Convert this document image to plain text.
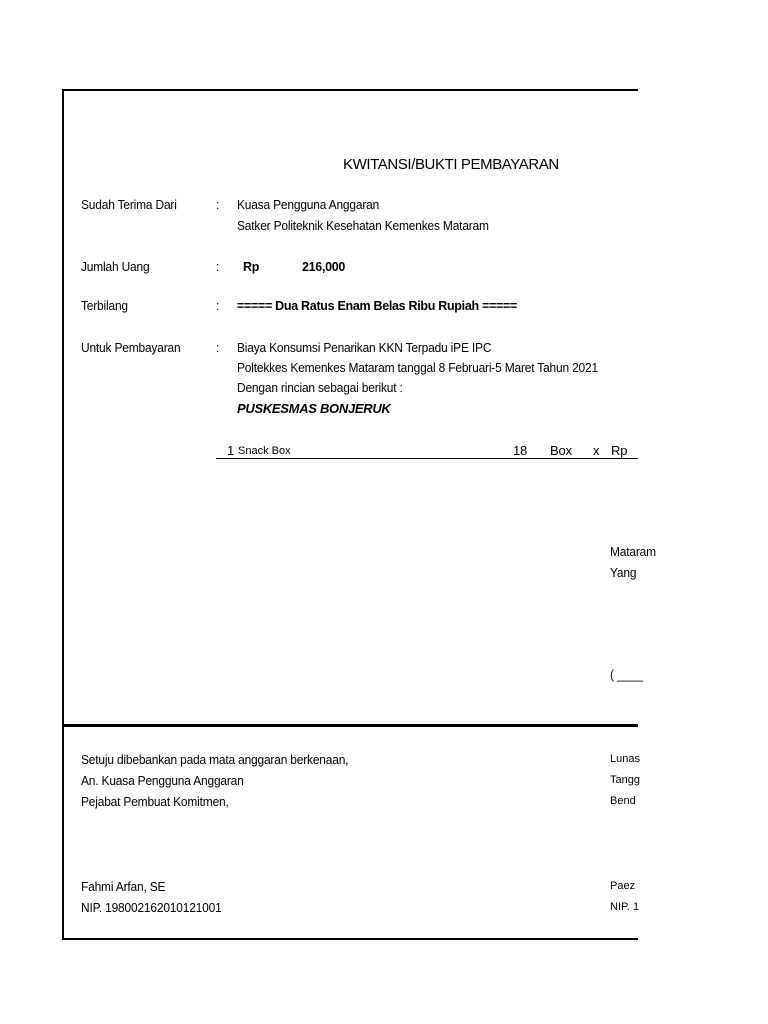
KWITANSI/BUKTI PEMBAYARAN
Sudah Terima Dari	: Kuasa Pengguna Anggaran
Satker Politeknik Kesehatan Kemenkes Mataram
Jumlah Uang	: Rp	216,000
Terbilang	: ===== Dua Ratus Enam Belas Ribu Rupiah =====
Untuk Pembayaran	: Biaya Konsumsi Penarikan KKN Terpadu iPE IPC
Poltekkes Kemenkes Mataram tanggal 8 Februari-5 Maret Tahun 2021
Dengan rincian sebagai berikut :
PUSKESMAS BONJERUK
1 Snack Box	18 Box x Rp
Mataram
Yang
( ____
Setuju dibebankan pada mata anggaran berkenaan,
An. Kuasa Pengguna Anggaran
Pejabat Pembuat Komitmen,
Fahmi Arfan, SE
NIP. 198002162010121001
Lunas
Tangg
Bend
Paez
NIP. 1
